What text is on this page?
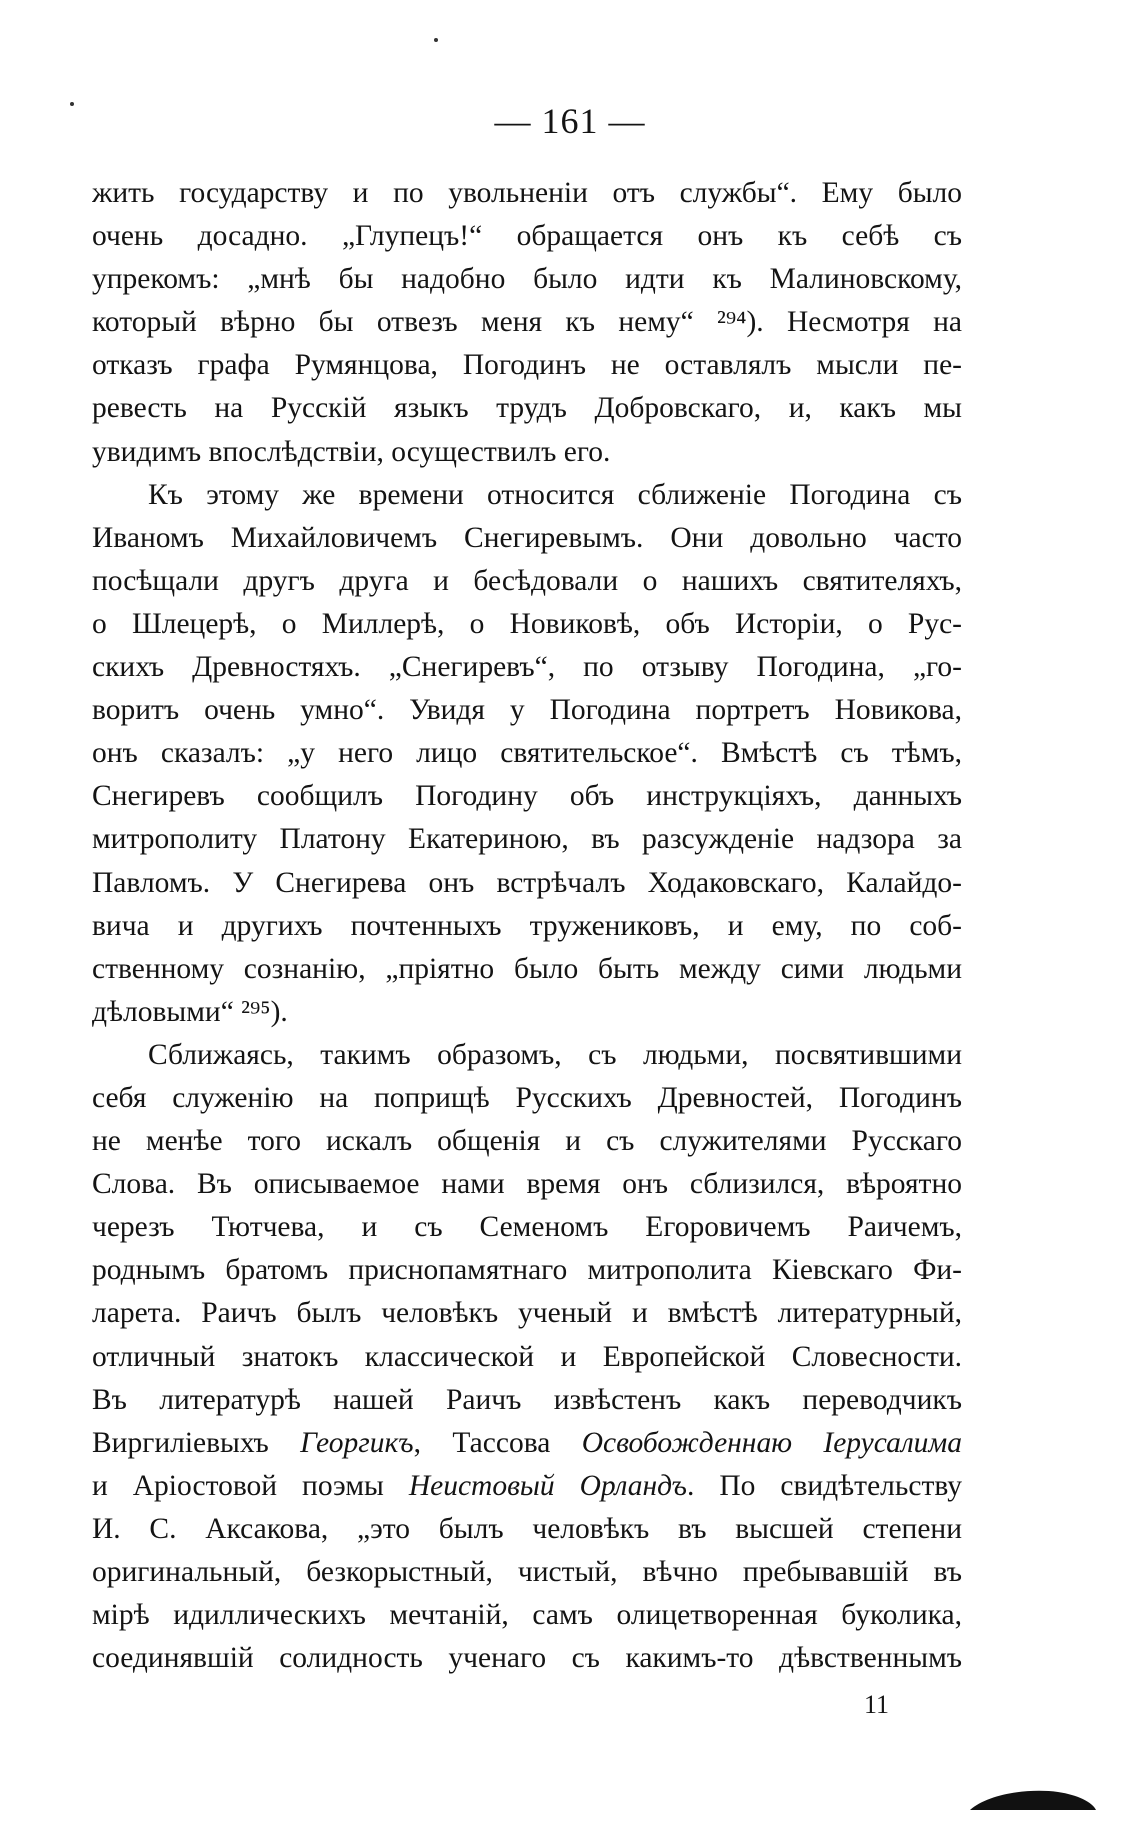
— 161 —
жить государству и по увольненіи отъ службы“. Ему было
очень досадно. „Глупецъ!“ обращается онъ къ себѣ съ
упрекомъ: „мнѣ бы надобно было идти къ Малиновскому,
который вѣрно бы отвезъ меня къ нему“ ²⁹⁴). Несмотря на
отказъ графа Румянцова, Погодинъ не оставлялъ мысли пе-
ревесть на Русскій языкъ трудъ Добровскаго, и, какъ мы
увидимъ впослѣдствіи, осуществилъ его.
Къ этому же времени относится сближеніе Погодина съ
Иваномъ Михайловичемъ Снегиревымъ. Они довольно часто
посѣщали другъ друга и бесѣдовали о нашихъ святителяхъ,
о Шлецерѣ, о Миллерѣ, о Новиковѣ, объ Исторіи, о Рус-
скихъ Древностяхъ. „Снегиревъ“, по отзыву Погодина, „го-
воритъ очень умно“. Увидя у Погодина портретъ Новикова,
онъ сказалъ: „у него лицо святительское“. Вмѣстѣ съ тѣмъ,
Снегиревъ сообщилъ Погодину объ инструкціяхъ, данныхъ
митрополиту Платону Екатериною, въ разсужденіе надзора за
Павломъ. У Снегирева онъ встрѣчалъ Ходаковскаго, Калайдо-
вича и другихъ почтенныхъ тружениковъ, и ему, по соб-
ственному сознанію, „пріятно было быть между сими людьми
дѣловыми“ ²⁹⁵).
Сближаясь, такимъ образомъ, съ людьми, посвятившими
себя служенію на поприщѣ Русскихъ Древностей, Погодинъ
не менѣе того искалъ общенія и съ служителями Русскаго
Слова. Въ описываемое нами время онъ сблизился, вѣроятно
черезъ Тютчева, и съ Семеномъ Егоровичемъ Раичемъ,
роднымъ братомъ приснопамятнаго митрополита Кіевскаго Фи-
ларета. Раичъ былъ человѣкъ ученый и вмѣстѣ литературный,
отличный знатокъ классической и Европейской Словесности.
Въ литературѣ нашей Раичъ извѣстенъ какъ переводчикъ
Виргиліевыхъ Георгикъ, Тассова Освобожденнаю Іерусалима
и Аріостовой поэмы Неистовый Орландъ. По свидѣтельству
И. С. Аксакова, „это былъ человѣкъ въ высшей степени
оригинальный, безкорыстный, чистый, вѣчно пребывавшій въ
мірѣ идиллическихъ мечтаній, самъ олицетворенная буколика,
соединявшій солидность ученаго съ какимъ-то дѣвственнымъ
11
